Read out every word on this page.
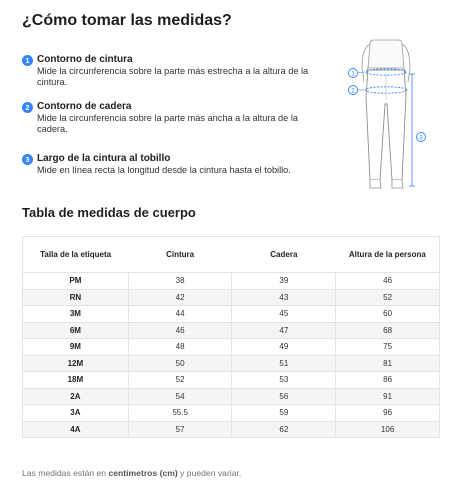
¿Cómo tomar las medidas?
1 Contorno de cintura
Mide la circunferencia sobre la parte más estrecha a la altura de la cintura.
2 Contorno de cadera
Mide la circunferencia sobre la parte más ancha a la altura de la cadera.
3 Largo de la cintura al tobillo
Mide en línea recta la longitud desde la cintura hasta el tobillo.
1
2
3
Tabla de medidas de cuerpo
Talla de la etiqueta	Cintura	Cadera	Altura de la persona
PM	38	39	46
RN	42	43	52
3M	44	45	60
6M	46	47	68
9M	48	49	75
12M	50	51	81
18M	52	53	86
2A	54	56	91
3A	55.5	59	96
4A	57	62	106
Las medidas están en centímetros (cm) y pueden variar.
